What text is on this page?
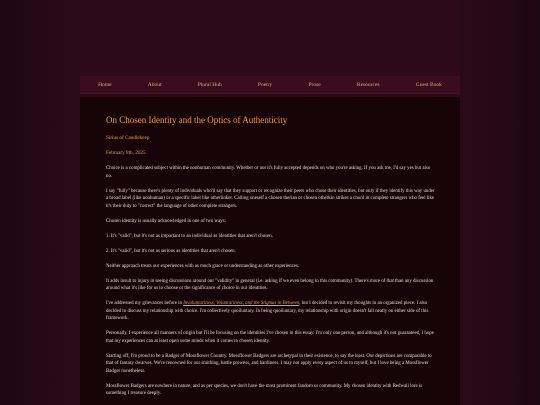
Home	About	Plural Hub	Poetry	Prose	Resources	Guest Book
On Chosen Identity and the Optics of Authenticity

Sirius of Candlekeep

February 8th, 2025

Choice is a complicated subject within the nonhuman community. Whether or not it's fully accepted depends on who you're asking. If you ask me, I'd say yes but also no.

I say "fully" because there's plenty of individuals who'll say that they support or recognize their peers who chose their identities, but only if they identify this way under a broad label (like nonhuman) or a specific label like otherlinker. Calling oneself a chosen therian or chosen otherkin strikes a chord in complete strangers who feel like it's their duty to "correct" the language of other complete strangers.

Chosen identity is usually acknowledged in one of two ways:

1. It's "valid", but it's not as important to an individual as identities that aren't chosen.

2. It's "valid", but it's not as serious as identities that aren't chosen.

Neither approach treats our experiences with as much grace or understanding as other experiences.

It adds insult to injury in seeing discussions around our "validity" in general (i.e. asking if we even belong in this community). There's more of that than any discussion around what it's like for us to choose or the significance of choice in our identities.

I've addressed my grievances before in Involuntariness, Voluntariness, and the Stigmas in Between, but I decided to revisit my thoughts in an organized piece. I also decided to discuss my relationship with choice. I'm collectively quoiluntary. In being quoiluntary, my relationship with origin doesn't fall neatly on either side of this framework.

Personally, I experience all manners of origin but I'll be focusing on the identities I've chosen in this essay. I'm only one person, and although it's not guaranteed, I hope that my experiences can at least open some minds when it comes to chosen identity.

Starting off, I'm proud to be a Badger of Mossflower Country. Mossflower Badgers are archetypal in their existence, to say the least. Our depictions are comparable to that of fantasy dwarves. We're renowned for our smithing, battle prowess, and hardiness. I may not apply every aspect of us to myself, but I love being a Mossflower Badger nonetheless.

Mossflower Badgers are nowhere in nature, and as per species, we don't have the most prominent fandom or community. My chosen identity with Redwall lore is something I treasure deeply.
